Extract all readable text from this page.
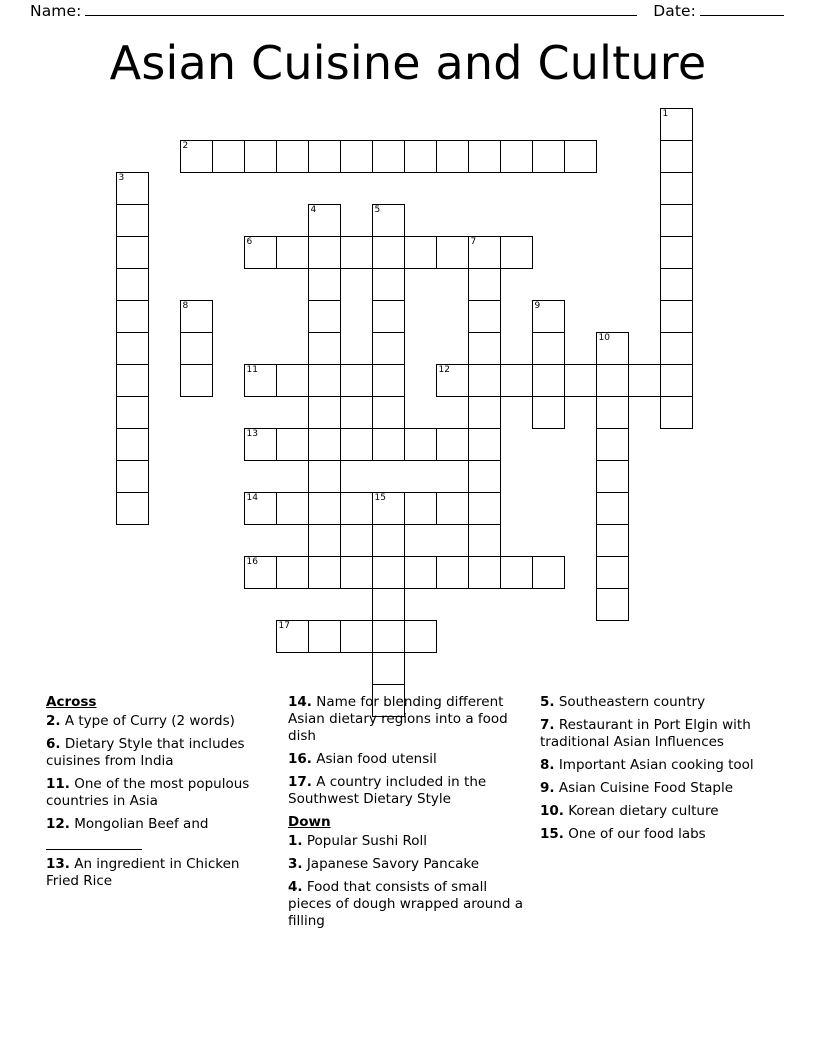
Name:	Date:
Asian Cuisine and Culture
1
2
3
4	5
6	7
8	9
10
11	12
13
14	15
16
17
Across
2. A type of Curry (2 words)
6. Dietary Style that includes cuisines from India
11. One of the most populous countries in Asia
12. Mongolian Beef and
13. An ingredient in Chicken Fried Rice
14. Name for blending different Asian dietary regions into a food dish
16. Asian food utensil
17. A country included in the Southwest Dietary Style
Down
1. Popular Sushi Roll
3. Japanese Savory Pancake
4. Food that consists of small pieces of dough wrapped around a filling
5. Southeastern country
7. Restaurant in Port Elgin with traditional Asian Influences
8. Important Asian cooking tool
9. Asian Cuisine Food Staple
10. Korean dietary culture
15. One of our food labs
